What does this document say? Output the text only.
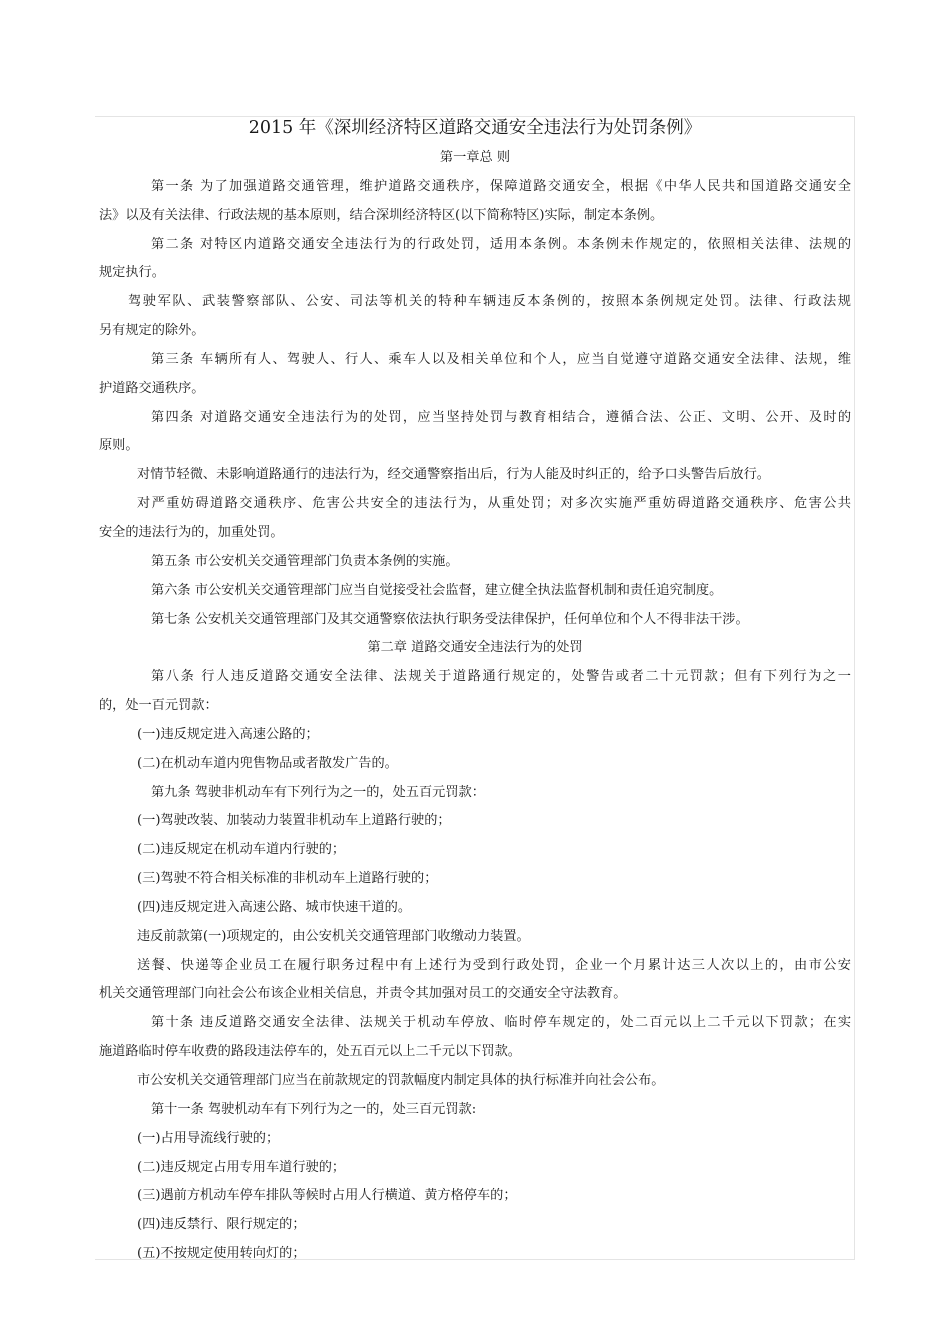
2015 年《深圳经济特区道路交通安全违法行为处罚条例》
第一章总 则
第一条 为了加强道路交通管理，维护道路交通秩序，保障道路交通安全，根据《中华人民共和国道路交通安全
法》以及有关法律、行政法规的基本原则，结合深圳经济特区(以下简称特区)实际，制定本条例。
第二条 对特区内道路交通安全违法行为的行政处罚，适用本条例。本条例未作规定的，依照相关法律、法规的
规定执行。
驾驶军队、武装警察部队、公安、司法等机关的特种车辆违反本条例的，按照本条例规定处罚。法律、行政法规
另有规定的除外。
第三条 车辆所有人、驾驶人、行人、乘车人以及相关单位和个人，应当自觉遵守道路交通安全法律、法规，维
护道路交通秩序。
第四条 对道路交通安全违法行为的处罚，应当坚持处罚与教育相结合，遵循合法、公正、文明、公开、及时的
原则。
对情节轻微、未影响道路通行的违法行为，经交通警察指出后，行为人能及时纠正的，给予口头警告后放行。
对严重妨碍道路交通秩序、危害公共安全的违法行为，从重处罚；对多次实施严重妨碍道路交通秩序、危害公共
安全的违法行为的，加重处罚。
第五条 市公安机关交通管理部门负责本条例的实施。
第六条 市公安机关交通管理部门应当自觉接受社会监督，建立健全执法监督机制和责任追究制度。
第七条 公安机关交通管理部门及其交通警察依法执行职务受法律保护，任何单位和个人不得非法干涉。
第二章 道路交通安全违法行为的处罚
第八条 行人违反道路交通安全法律、法规关于道路通行规定的，处警告或者二十元罚款；但有下列行为之一
的，处一百元罚款：
(一)违反规定进入高速公路的；
(二)在机动车道内兜售物品或者散发广告的。
第九条 驾驶非机动车有下列行为之一的，处五百元罚款：
(一)驾驶改装、加装动力装置非机动车上道路行驶的；
(二)违反规定在机动车道内行驶的；
(三)驾驶不符合相关标准的非机动车上道路行驶的；
(四)违反规定进入高速公路、城市快速干道的。
违反前款第(一)项规定的，由公安机关交通管理部门收缴动力装置。
送餐、快递等企业员工在履行职务过程中有上述行为受到行政处罚，企业一个月累计达三人次以上的，由市公安
机关交通管理部门向社会公布该企业相关信息，并责令其加强对员工的交通安全守法教育。
第十条 违反道路交通安全法律、法规关于机动车停放、临时停车规定的，处二百元以上二千元以下罚款；在实
施道路临时停车收费的路段违法停车的，处五百元以上二千元以下罚款。
市公安机关交通管理部门应当在前款规定的罚款幅度内制定具体的执行标准并向社会公布。
第十一条 驾驶机动车有下列行为之一的，处三百元罚款:
(一)占用导流线行驶的；
(二)违反规定占用专用车道行驶的；
(三)遇前方机动车停车排队等候时占用人行横道、黄方格停车的；
(四)违反禁行、限行规定的；
(五)不按规定使用转向灯的；
